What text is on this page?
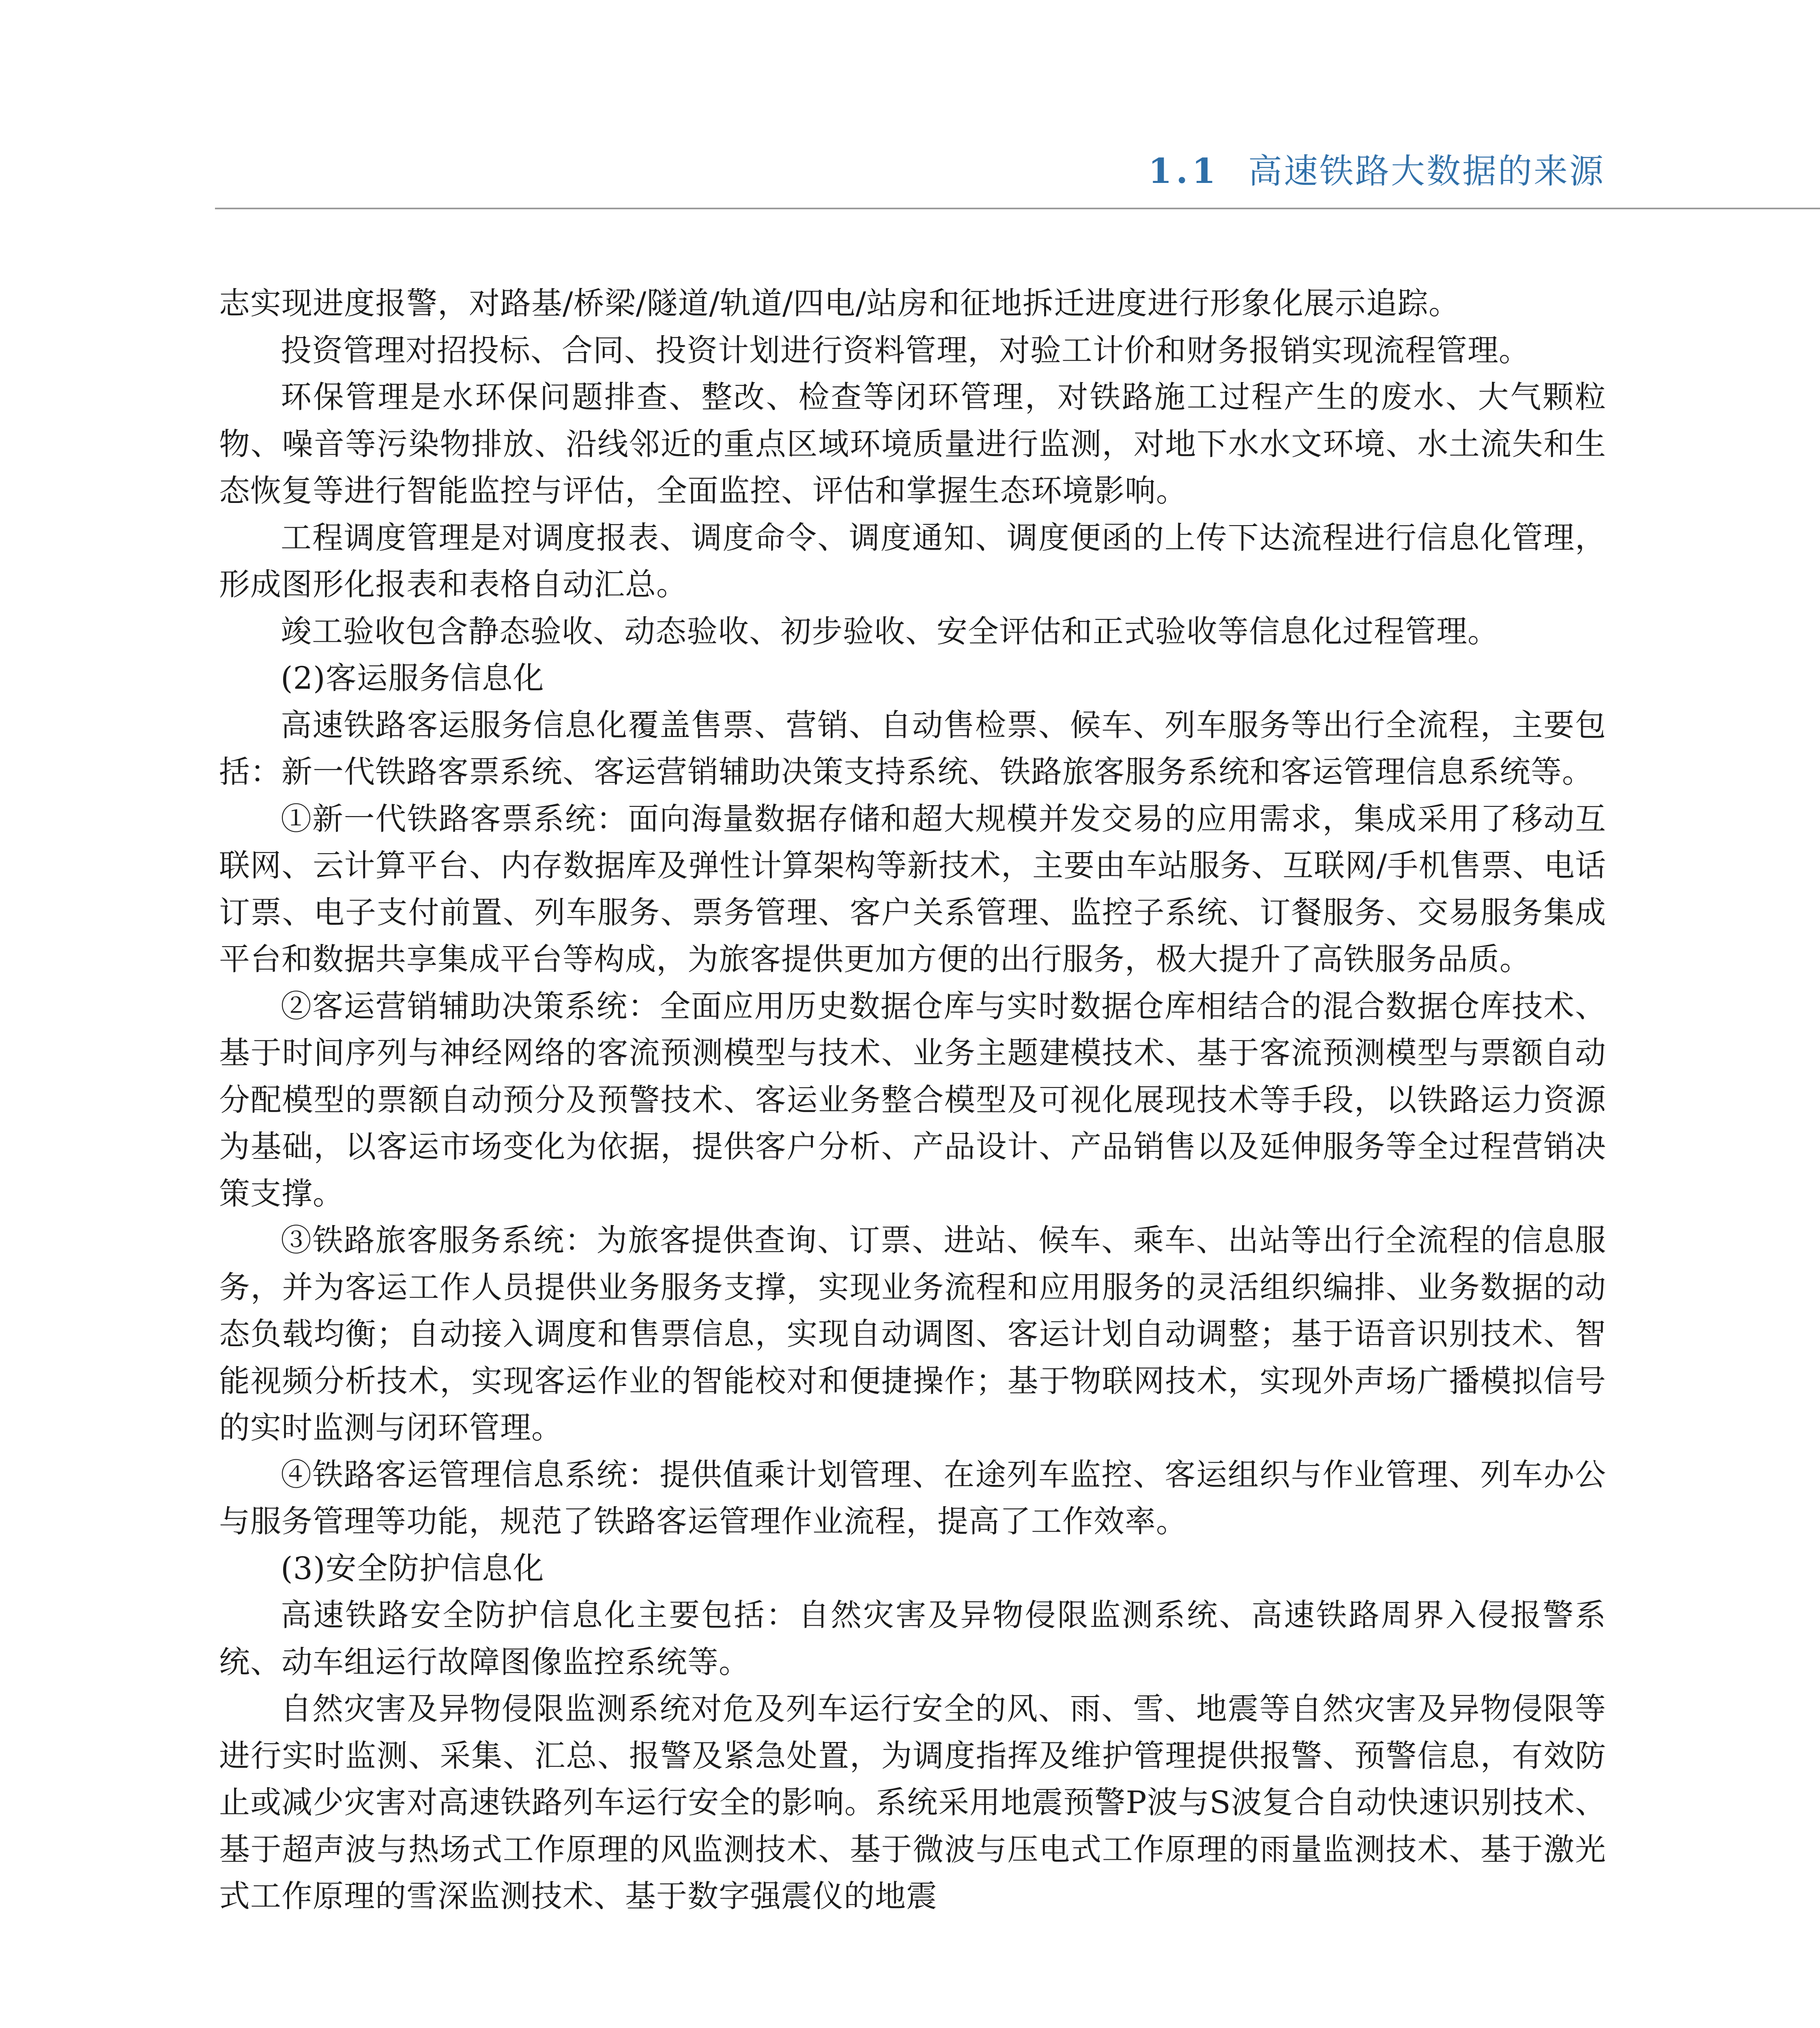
1.1 高速铁路大数据的来源

志实现进度报警，对路基/桥梁/隧道/轨道/四电/站房和征地拆迁进度进行形象化展示追踪。

投资管理对招投标、合同、投资计划进行资料管理，对验工计价和财务报销实现流程管理。

环保管理是水环保问题排查、整改、检查等闭环管理，对铁路施工过程产生的废水、大气颗粒物、噪音等污染物排放、沿线邻近的重点区域环境质量进行监测，对地下水水文环境、水土流失和生态恢复等进行智能监控与评估，全面监控、评估和掌握生态环境影响。

工程调度管理是对调度报表、调度命令、调度通知、调度便函的上传下达流程进行信息化管理，形成图形化报表和表格自动汇总。

竣工验收包含静态验收、动态验收、初步验收、安全评估和正式验收等信息化过程管理。

(2)客运服务信息化

高速铁路客运服务信息化覆盖售票、营销、自动售检票、候车、列车服务等出行全流程，主要包括：新一代铁路客票系统、客运营销辅助决策支持系统、铁路旅客服务系统和客运管理信息系统等。

①新一代铁路客票系统：面向海量数据存储和超大规模并发交易的应用需求，集成采用了移动互联网、云计算平台、内存数据库及弹性计算架构等新技术，主要由车站服务、互联网/手机售票、电话订票、电子支付前置、列车服务、票务管理、客户关系管理、监控子系统、订餐服务、交易服务集成平台和数据共享集成平台等构成，为旅客提供更加方便的出行服务，极大提升了高铁服务品质。

②客运营销辅助决策系统：全面应用历史数据仓库与实时数据仓库相结合的混合数据仓库技术、基于时间序列与神经网络的客流预测模型与技术、业务主题建模技术、基于客流预测模型与票额自动分配模型的票额自动预分及预警技术、客运业务整合模型及可视化展现技术等手段，以铁路运力资源为基础，以客运市场变化为依据，提供客户分析、产品设计、产品销售以及延伸服务等全过程营销决策支撑。

③铁路旅客服务系统：为旅客提供查询、订票、进站、候车、乘车、出站等出行全流程的信息服务，并为客运工作人员提供业务服务支撑，实现业务流程和应用服务的灵活组织编排、业务数据的动态负载均衡；自动接入调度和售票信息，实现自动调图、客运计划自动调整；基于语音识别技术、智能视频分析技术，实现客运作业的智能校对和便捷操作；基于物联网技术，实现外声场广播模拟信号的实时监测与闭环管理。

④铁路客运管理信息系统：提供值乘计划管理、在途列车监控、客运组织与作业管理、列车办公与服务管理等功能，规范了铁路客运管理作业流程，提高了工作效率。

(3)安全防护信息化

高速铁路安全防护信息化主要包括：自然灾害及异物侵限监测系统、高速铁路周界入侵报警系统、动车组运行故障图像监控系统等。

自然灾害及异物侵限监测系统对危及列车运行安全的风、雨、雪、地震等自然灾害及异物侵限等进行实时监测、采集、汇总、报警及紧急处置，为调度指挥及维护管理提供报警、预警信息，有效防止或减少灾害对高速铁路列车运行安全的影响。系统采用地震预警P波与S波复合自动快速识别技术、基于超声波与热场式工作原理的风监测技术、基于微波与压电式工作原理的雨量监测技术、基于激光式工作原理的雪深监测技术、基于数字强震仪的地震
